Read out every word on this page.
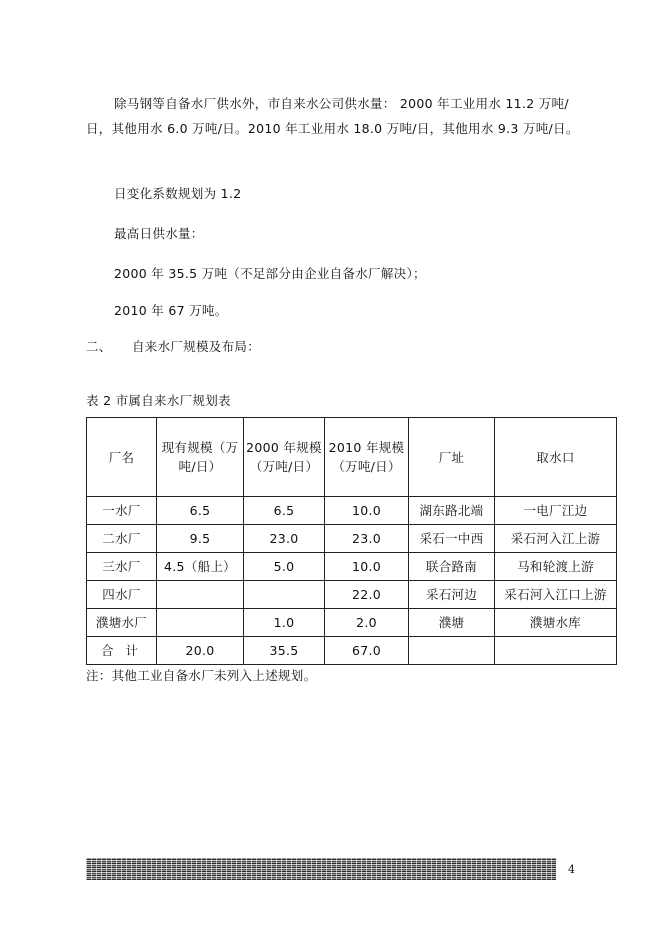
除马钢等自备水厂供水外，市自来水公司供水量： 2000 年工业用水 11.2 万吨/
日，其他用水 6.0 万吨/日。2010 年工业用水 18.0 万吨/日，其他用水 9.3 万吨/日。
日变化系数规划为 1.2
最高日供水量：
2000 年 35.5 万吨（不足部分由企业自备水厂解决）；
2010 年 67 万吨。
二、 自来水厂规模及布局：
表 2 市属自来水厂规划表
厂名	现有规模（万吨/日）	2000 年规模（万吨/日）	2010 年规模（万吨/日）	厂址	取水口
一水厂	6.5	6.5	10.0	湖东路北端	一电厂江边
二水厂	9.5	23.0	23.0	采石一中西	采石河入江上游
三水厂	4.5（船上）	5.0	10.0	联合路南	马和轮渡上游
四水厂			22.0	采石河边	采石河入江口上游
濮塘水厂		1.0	2.0	濮塘	濮塘水库
合 计	20.0	35.5	67.0		
注：其他工业自备水厂未列入上述规划。
4
